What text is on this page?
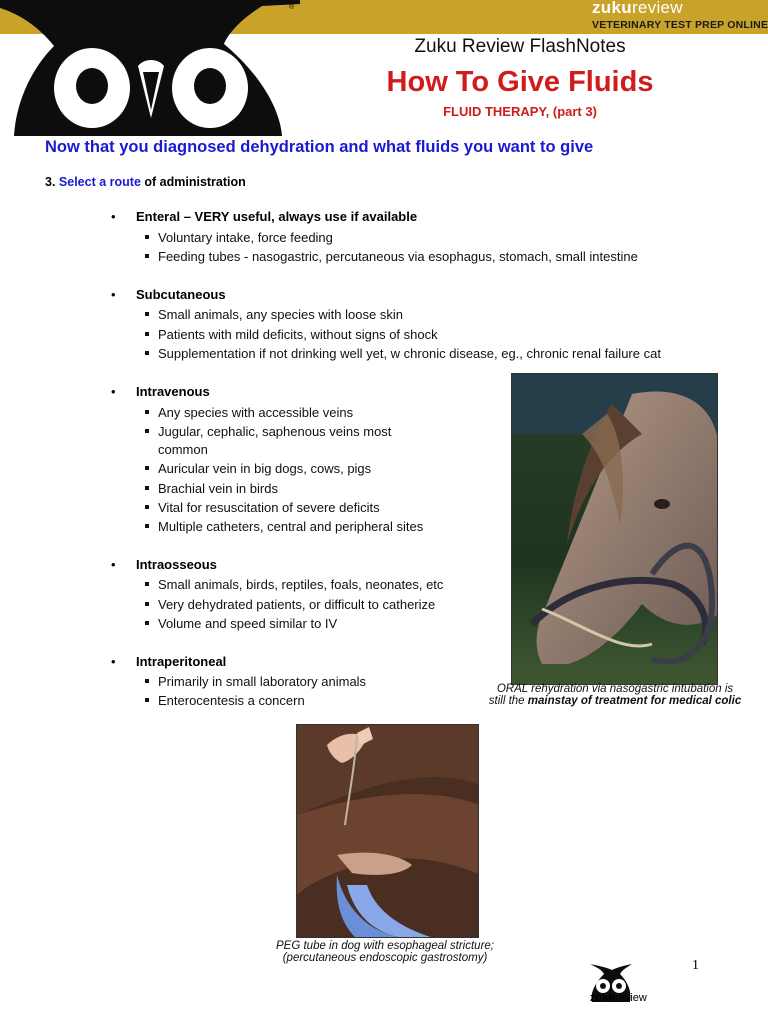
zukureview
VETERINARY TEST PREP ONLINE
®
Zuku Review FlashNotes
How To Give Fluids
FLUID THERAPY, (part 3)
Now that you diagnosed dehydration and what fluids you want to give
3. Select a route of administration
• Enteral – VERY useful, always use if available
Voluntary intake, force feeding
Feeding tubes - nasogastric, percutaneous via esophagus, stomach, small intestine
• Subcutaneous
Small animals, any species with loose skin
Patients with mild deficits, without signs of shock
Supplementation if not drinking well yet, w chronic disease, eg., chronic renal failure cat
• Intravenous
Any species with accessible veins
Jugular, cephalic, saphenous veins most
common
Auricular vein in big dogs, cows, pigs
Brachial vein in birds
Vital for resuscitation of severe deficits
Multiple catheters, central and peripheral sites
• Intraosseous
Small animals, birds, reptiles, foals, neonates, etc
Very dehydrated patients, or difficult to catherize
Volume and speed similar to IV
• Intraperitoneal
Primarily in small laboratory animals
Enterocentesis a concern
ORAL rehydration via nasogastric intubation is
still the mainstay of treatment for medical colic
PEG tube in dog with esophageal stricture;
(percutaneous endoscopic gastrostomy)	1
zukureview
